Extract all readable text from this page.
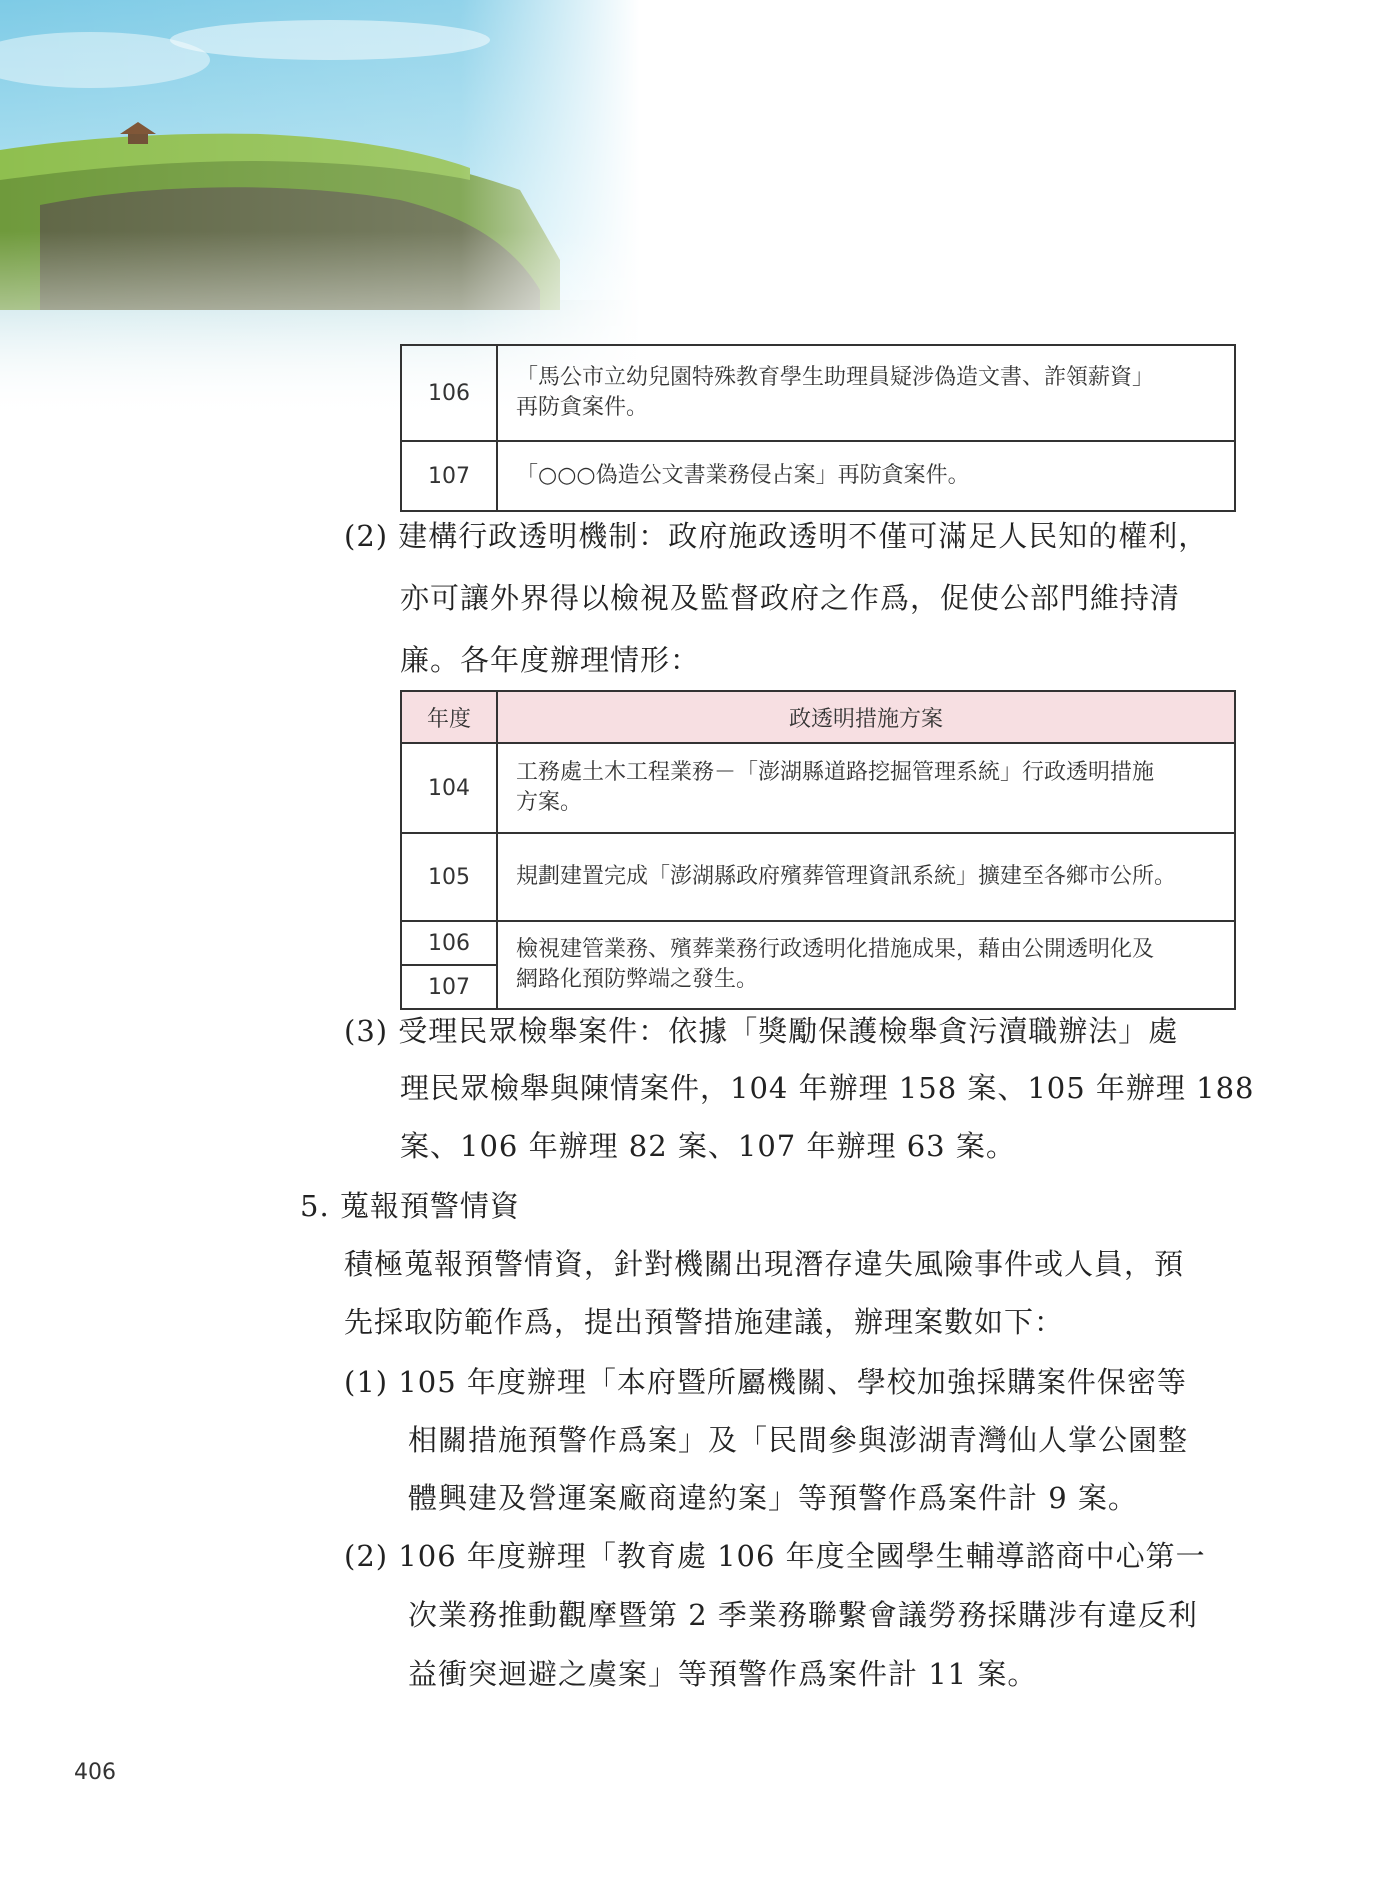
106	「馬公市立幼兒園特殊教育學生助理員疑涉偽造文書、詐領薪資」
再防貪案件。

107	「○○○偽造公文書業務侵占案」再防貪案件。
(2) 建構行政透明機制：政府施政透明不僅可滿足人民知的權利，
亦可讓外界得以檢視及監督政府之作爲，促使公部門維持清
廉。各年度辦理情形：
年度	政透明措施方案
104	工務處土木工程業務－「澎湖縣道路挖掘管理系統」行政透明措施
方案。

105	規劃建置完成「澎湖縣政府殯葬管理資訊系統」擴建至各鄉市公所。

106	檢視建管業務、殯葬業務行政透明化措施成果，藉由公開透明化及
網路化預防弊端之發生。

107	
(3) 受理民眾檢舉案件：依據「獎勵保護檢舉貪污瀆職辦法」處
理民眾檢舉與陳情案件，104 年辦理 158 案、105 年辦理 188
案、106 年辦理 82 案、107 年辦理 63 案。
5. 蒐報預警情資
積極蒐報預警情資，針對機關出現潛存違失風險事件或人員，預
先採取防範作爲，提出預警措施建議，辦理案數如下：
(1) 105 年度辦理「本府暨所屬機關、學校加強採購案件保密等
相關措施預警作爲案」及「民間參與澎湖青灣仙人掌公園整
體興建及營運案廠商違約案」等預警作爲案件計 9 案。
(2) 106 年度辦理「教育處 106 年度全國學生輔導諮商中心第一
次業務推動觀摩暨第 2 季業務聯繫會議勞務採購涉有違反利
益衝突迴避之虞案」等預警作爲案件計 11 案。
406
